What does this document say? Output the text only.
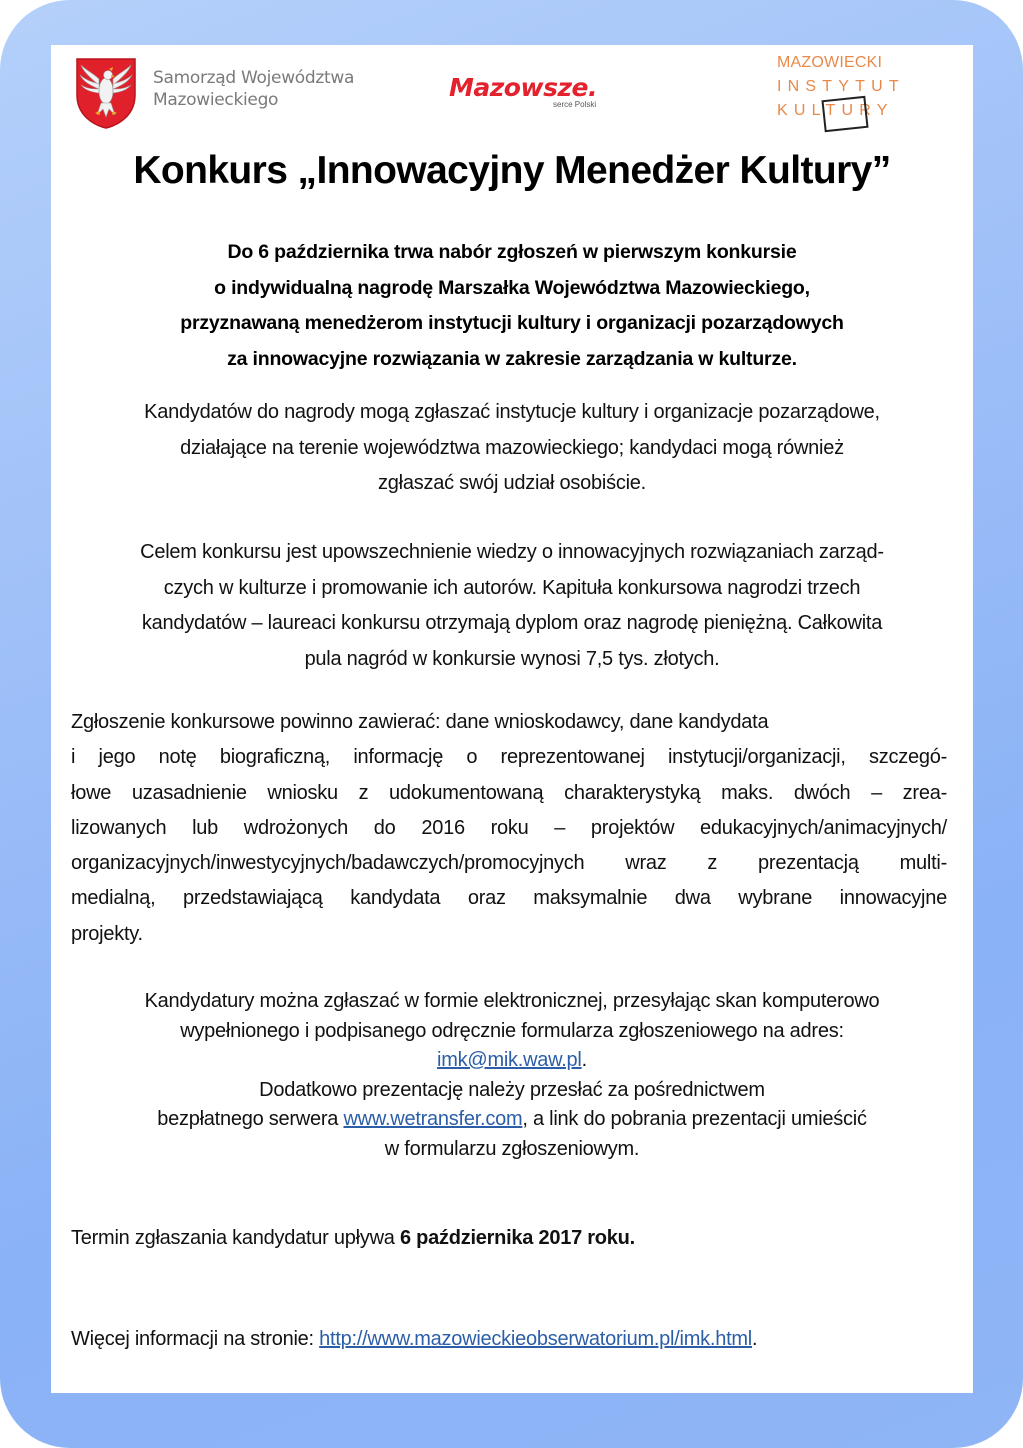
Samorząd Województwa
Mazowieckiego	Mazowsze.
serce Polski
MAZOWIECKI
INSTYTUT
KULTURY
Konkurs „Innowacyjny Menedżer Kultury”
Do 6 października trwa nabór zgłoszeń w pierwszym konkursie
o indywidualną nagrodę Marszałka Województwa Mazowieckiego,
przyznawaną menedżerom instytucji kultury i organizacji pozarządowych
za innowacyjne rozwiązania w zakresie zarządzania w kulturze.
Kandydatów do nagrody mogą zgłaszać instytucje kultury i organizacje pozarządowe,
działające na terenie województwa mazowieckiego; kandydaci mogą również
zgłaszać swój udział osobiście.
Celem konkursu jest upowszechnienie wiedzy o innowacyjnych rozwiązaniach zarząd-
czych w kulturze i promowanie ich autorów. Kapituła konkursowa nagrodzi trzech
kandydatów – laureaci konkursu otrzymają dyplom oraz nagrodę pieniężną. Całkowita
pula nagród w konkursie wynosi 7,5 tys. złotych.
Zgłoszenie konkursowe powinno zawierać: dane wnioskodawcy, dane kandydata
i jego notę biograficzną, informację o reprezentowanej instytucji/organizacji, szczegó-
łowe uzasadnienie wniosku z udokumentowaną charakterystyką maks. dwóch – zrea-
lizowanych lub wdrożonych do 2016 roku – projektów edukacyjnych/animacyjnych/
organizacyjnych/inwestycyjnych/badawczych/promocyjnych wraz z prezentacją multi-
medialną, przedstawiającą kandydata oraz maksymalnie dwa wybrane innowacyjne
projekty.
Kandydatury można zgłaszać w formie elektronicznej, przesyłając skan komputerowo
wypełnionego i podpisanego odręcznie formularza zgłoszeniowego na adres:
imk@mik.waw.pl.
Dodatkowo prezentację należy przesłać za pośrednictwem
bezpłatnego serwera www.wetransfer.com, a link do pobrania prezentacji umieścić
w formularzu zgłoszeniowym.
Termin zgłaszania kandydatur upływa 6 października 2017 roku.
Więcej informacji na stronie: http://www.mazowieckieobserwatorium.pl/imk.html.
